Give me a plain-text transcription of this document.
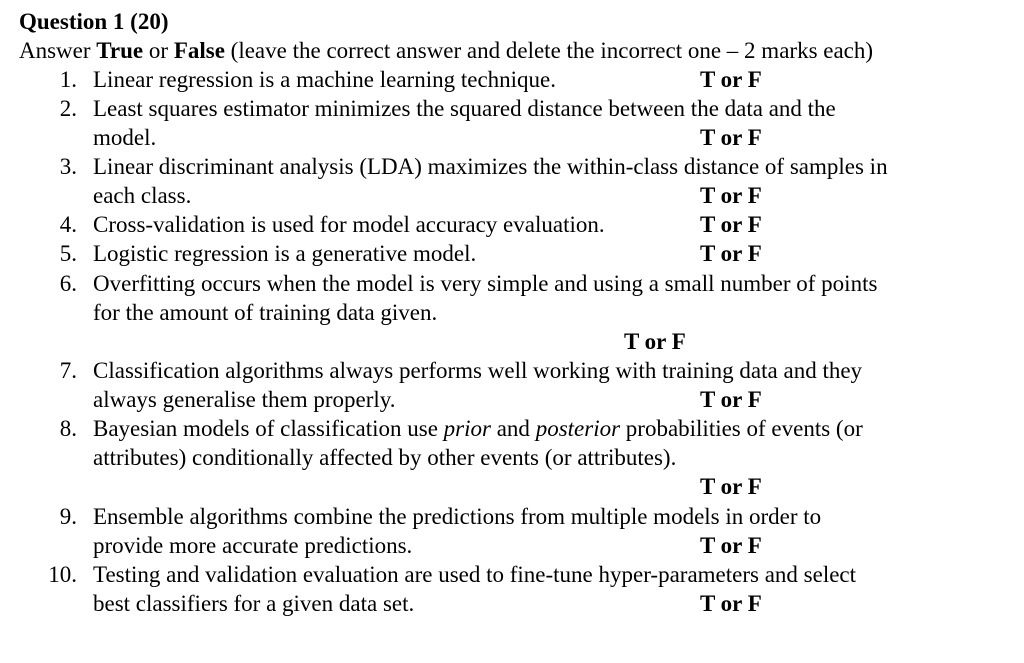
Question 1 (20)
Answer True or False (leave the correct answer and delete the incorrect one – 2 marks each)
1. Linear regression is a machine learning technique.	T or F
2. Least squares estimator minimizes the squared distance between the data and the
model.	T or F
3. Linear discriminant analysis (LDA) maximizes the within-class distance of samples in
each class.	T or F
4. Cross-validation is used for model accuracy evaluation.	T or F
5. Logistic regression is a generative model.	T or F
6. Overfitting occurs when the model is very simple and using a small number of points
for the amount of training data given.
T or F
7. Classification algorithms always performs well working with training data and they
always generalise them properly.	T or F
8. Bayesian models of classification use prior and posterior probabilities of events (or
attributes) conditionally affected by other events (or attributes).
T or F
9. Ensemble algorithms combine the predictions from multiple models in order to
provide more accurate predictions.	T or F
10. Testing and validation evaluation are used to fine-tune hyper-parameters and select
best classifiers for a given data set.	T or F
